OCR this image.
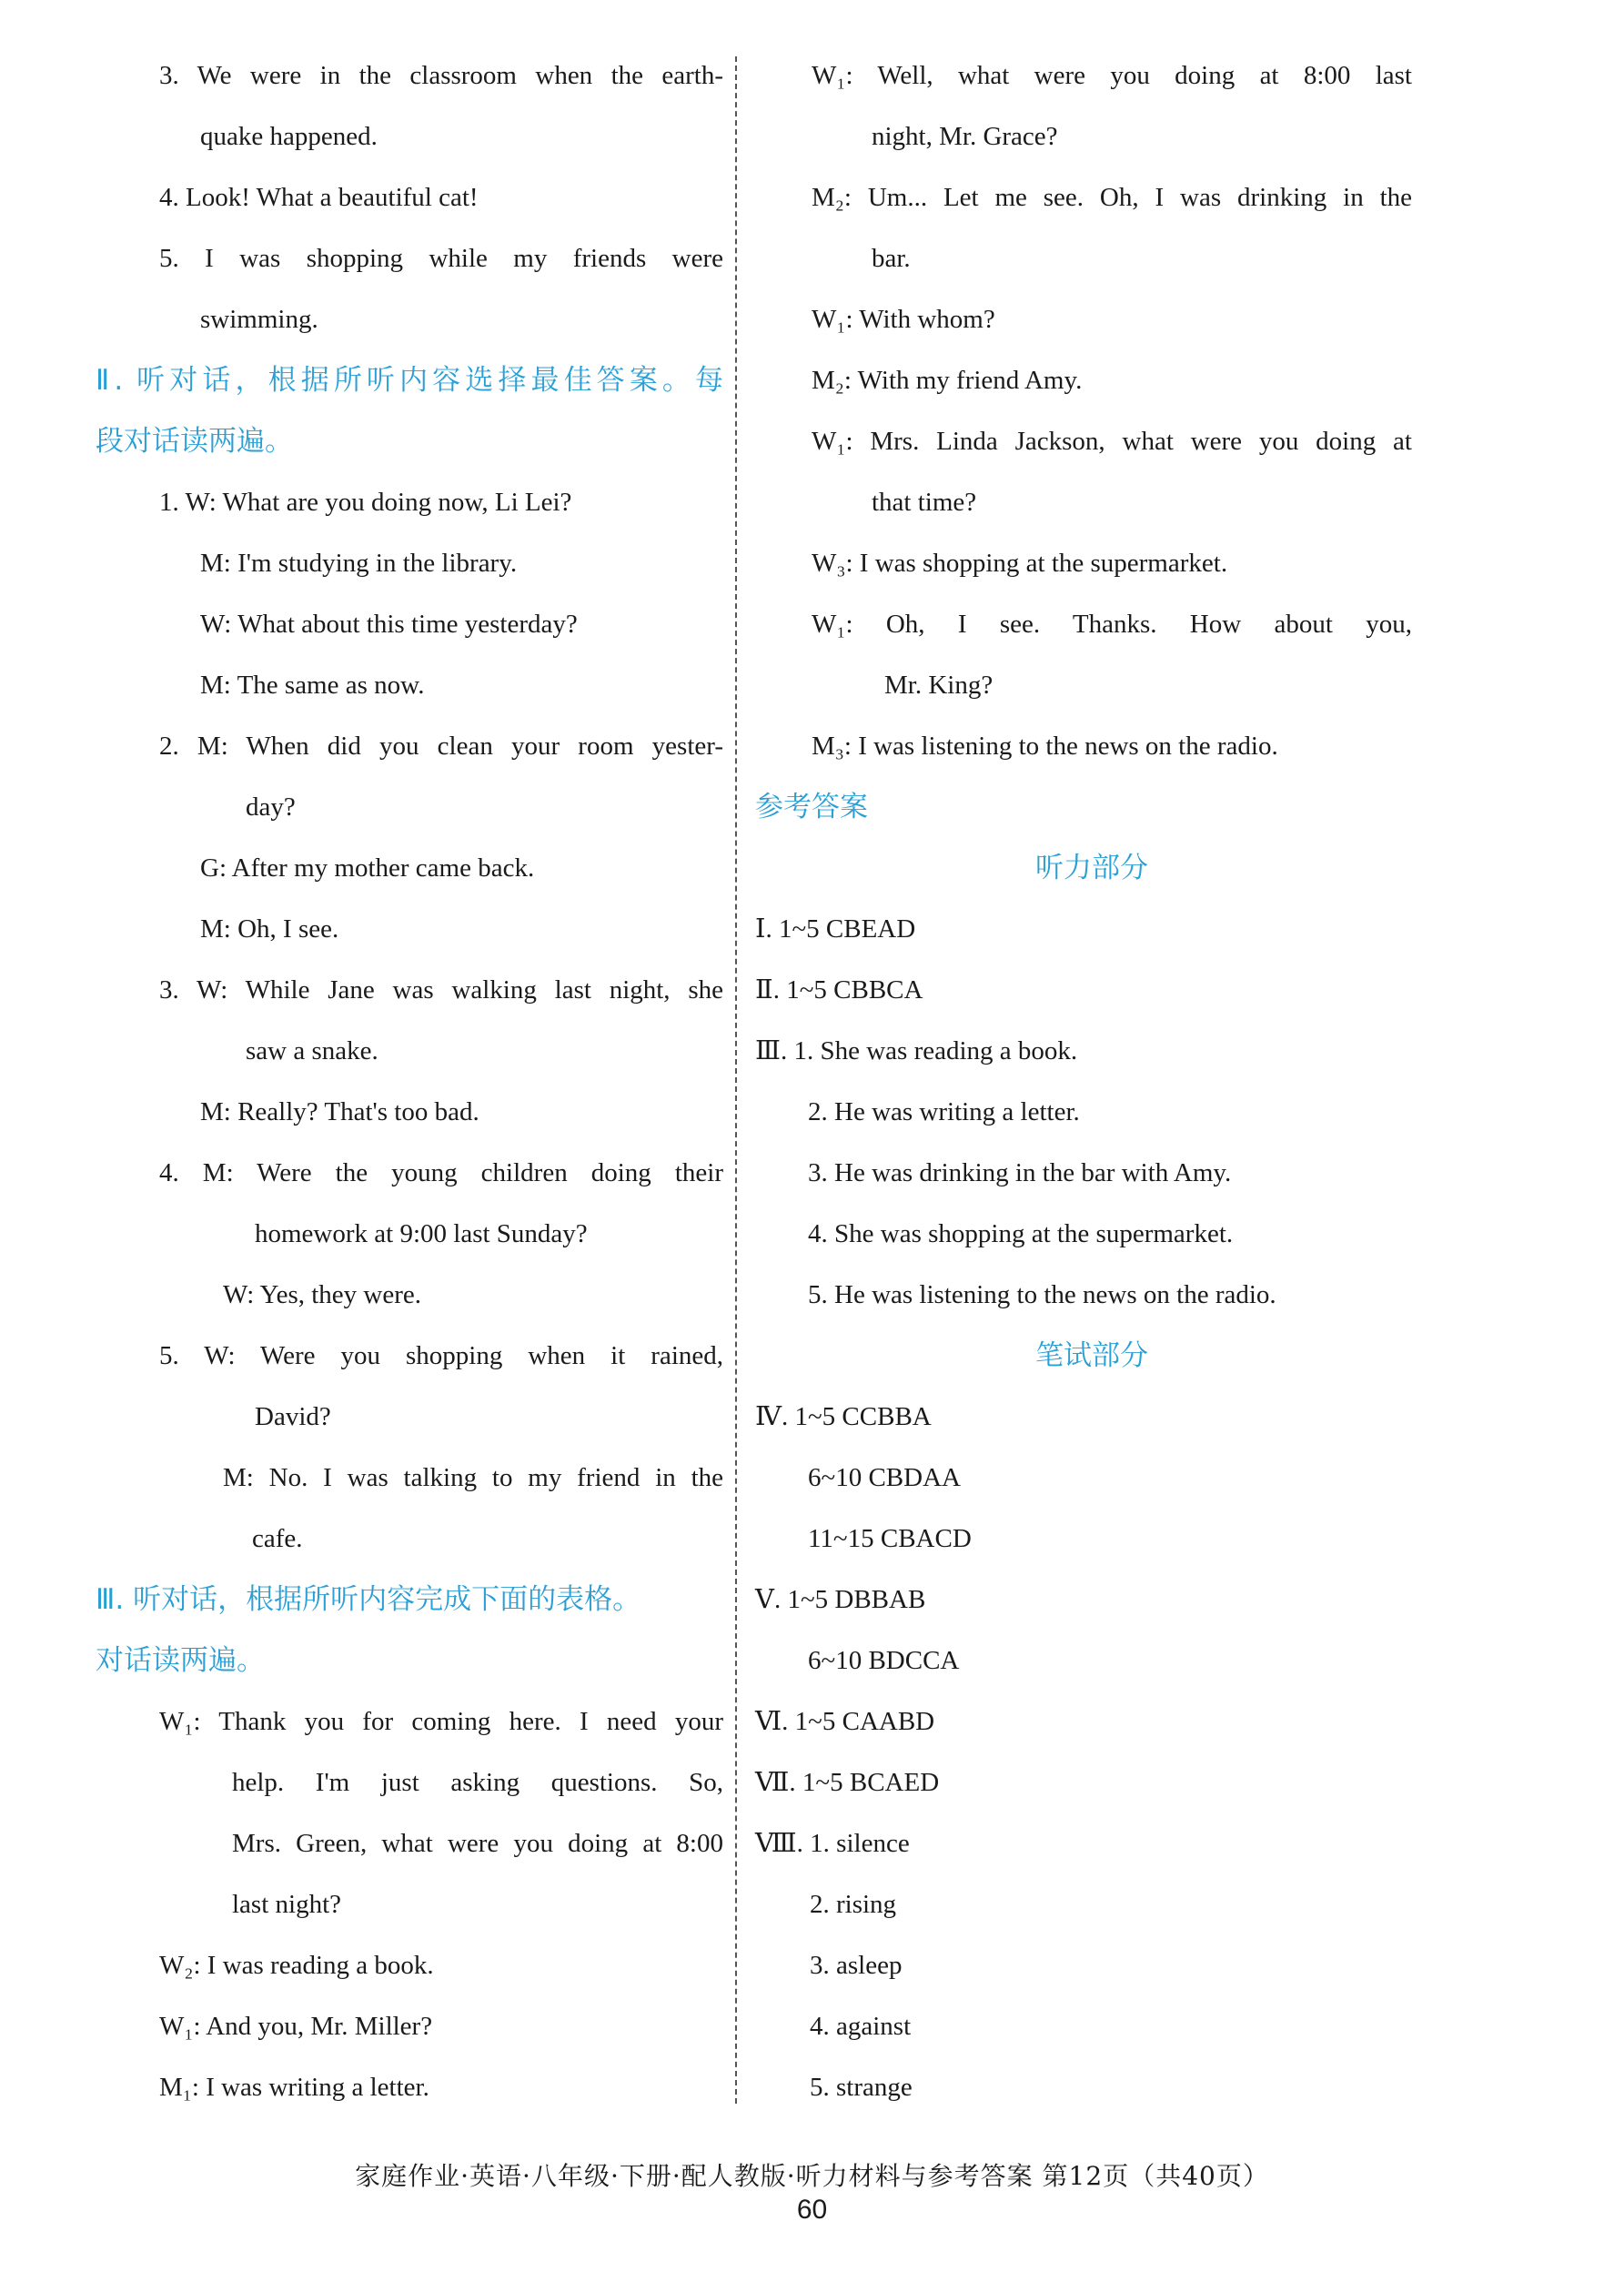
3. We were in the classroom when the earth-
quake happened.
4. Look! What a beautiful cat!
5. I was shopping while my friends were
swimming.
Ⅱ. 听对话，根据所听内容选择最佳答案。每
段对话读两遍。
1. W: What are you doing now, Li Lei?
M: I'm studying in the library.
W: What about this time yesterday?
M: The same as now.
2. M: When did you clean your room yester-
day?
G: After my mother came back.
M: Oh, I see.
3. W: While Jane was walking last night, she
saw a snake.
M: Really? That's too bad.
4. M: Were the young children doing their
homework at 9:00 last Sunday?
W: Yes, they were.
5. W: Were you shopping when it rained,
David?
M: No. I was talking to my friend in the
cafe.
Ⅲ. 听对话，根据所听内容完成下面的表格。
对话读两遍。
W₁: Thank you for coming here. I need your
help. I'm just asking questions. So,
Mrs. Green, what were you doing at 8:00
last night?
W₂: I was reading a book.
W₁: And you, Mr. Miller?
M₁: I was writing a letter.
W₁: Well, what were you doing at 8:00 last
night, Mr. Grace?
M₂: Um... Let me see. Oh, I was drinking in the
bar.
W₁: With whom?
M₂: With my friend Amy.
W₁: Mrs. Linda Jackson, what were you doing at
that time?
W₃: I was shopping at the supermarket.
W₁: Oh, I see. Thanks. How about you,
Mr. King?
M₃: I was listening to the news on the radio.
参考答案
听力部分
Ⅰ. 1~5 CBEAD
Ⅱ. 1~5 CBBCA
Ⅲ. 1. She was reading a book.
2. He was writing a letter.
3. He was drinking in the bar with Amy.
4. She was shopping at the supermarket.
5. He was listening to the news on the radio.
笔试部分
Ⅳ. 1~5 CCBBA
6~10 CBDAA
11~15 CBACD
Ⅴ. 1~5 DBBAB
6~10 BDCCA
Ⅵ. 1~5 CAABD
Ⅶ. 1~5 BCAED
Ⅷ. 1. silence
2. rising
3. asleep
4. against
5. strange
家庭作业·英语·八年级·下册·配人教版·听力材料与参考答案 第12页（共40页）
60
